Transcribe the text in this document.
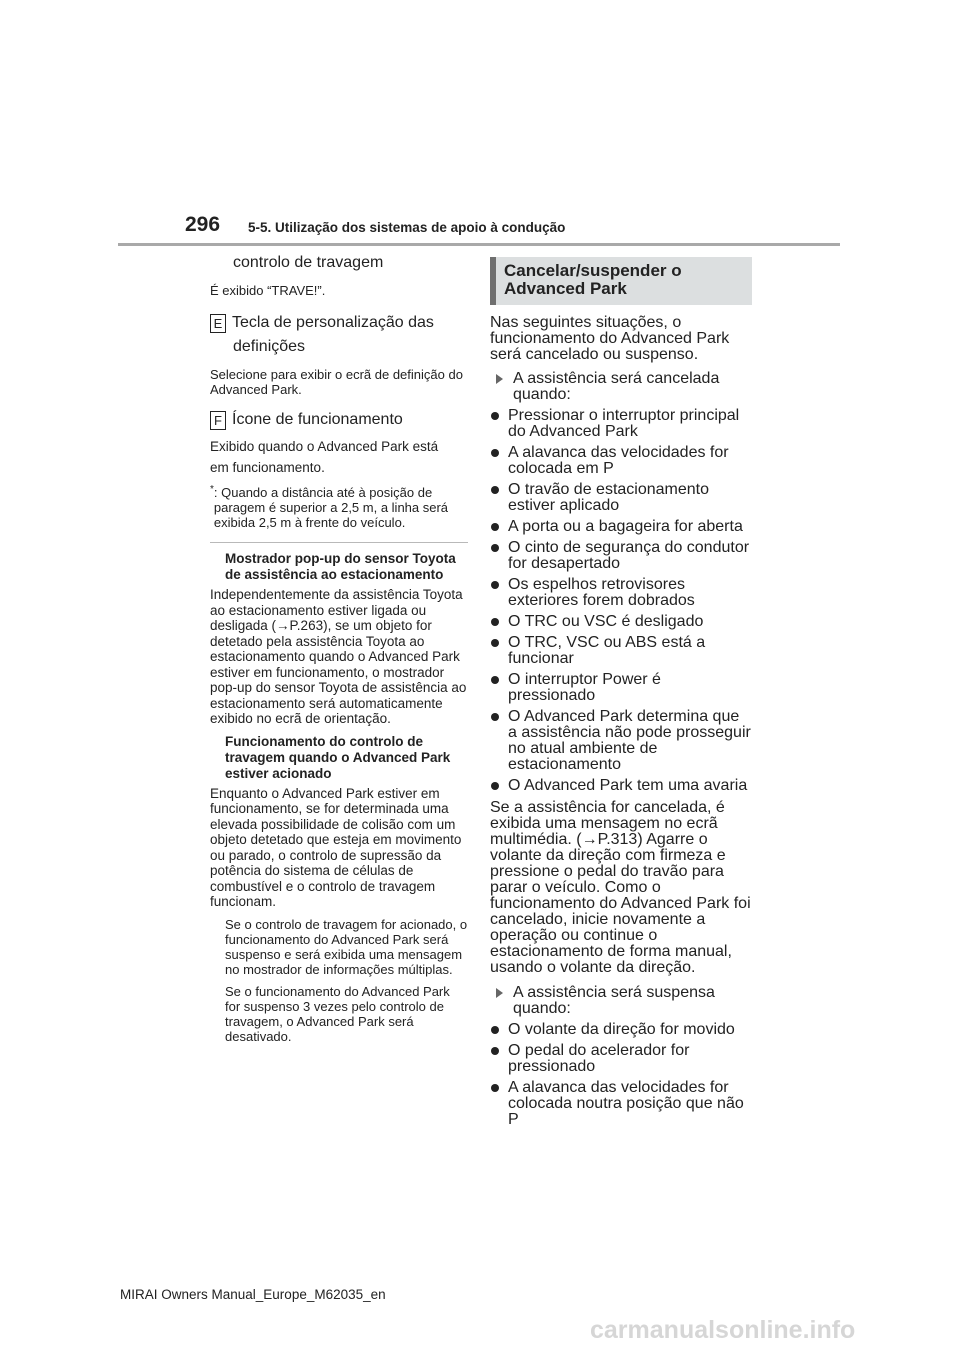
296 5-5. Utilização dos sistemas de apoio à condução
controlo de travagem
É exibido “TRAVE!”.
E Tecla de personalização das
definições
Selecione para exibir o ecrã de definição do Advanced Park.
F Ícone de funcionamento
Exibido quando o Advanced Park está
em funcionamento.
* : Quando a distância até à posição de paragem é superior a 2,5 m, a linha será exibida 2,5 m à frente do veículo.
Mostrador pop-up do sensor Toyota de assistência ao estacionamento
Independentemente da assistência Toyota ao estacionamento estiver ligada ou desligada (→P.263), se um objeto for detetado pela assistência Toyota ao estacionamento quando o Advanced Park estiver em funcionamento, o mostrador pop-up do sensor Toyota de assistência ao estacionamento será automaticamente exibido no ecrã de orientação.
Funcionamento do controlo de travagem quando o Advanced Park estiver acionado
Enquanto o Advanced Park estiver em funcionamento, se for determinada uma elevada possibilidade de colisão com um objeto detetado que esteja em movimento ou parado, o controlo de supressão da potência do sistema de células de combustível e o controlo de travagem funcionam.
Se o controlo de travagem for acionado, o funcionamento do Advanced Park será suspenso e será exibida uma mensagem no mostrador de informações múltiplas.
Se o funcionamento do Advanced Park for suspenso 3 vezes pelo controlo de travagem, o Advanced Park será desativado.
Cancelar/suspender o Advanced Park
Nas seguintes situações, o funcionamento do Advanced Park será cancelado ou suspenso.
A assistência será cancelada quando:
Pressionar o interruptor principal do Advanced Park
A alavanca das velocidades for colocada em P
O travão de estacionamento estiver aplicado
A porta ou a bagageira for aberta
O cinto de segurança do condutor for desapertado
Os espelhos retrovisores exteriores forem dobrados
O TRC ou VSC é desligado
O TRC, VSC ou ABS está a funcionar
O interruptor Power é pressionado
O Advanced Park determina que a assistência não pode prosseguir no atual ambiente de estacionamento
O Advanced Park tem uma avaria
Se a assistência for cancelada, é exibida uma mensagem no ecrã multimédia. (→P.313) Agarre o volante da direção com firmeza e pressione o pedal do travão para parar o veículo. Como o funcionamento do Advanced Park foi cancelado, inicie novamente a operação ou continue o estacionamento de forma manual, usando o volante da direção.
A assistência será suspensa quando:
O volante da direção for movido
O pedal do acelerador for pressionado
A alavanca das velocidades for colocada noutra posição que não P
MIRAI Owners Manual_Europe_M62035_en
carmanualsonline.info
